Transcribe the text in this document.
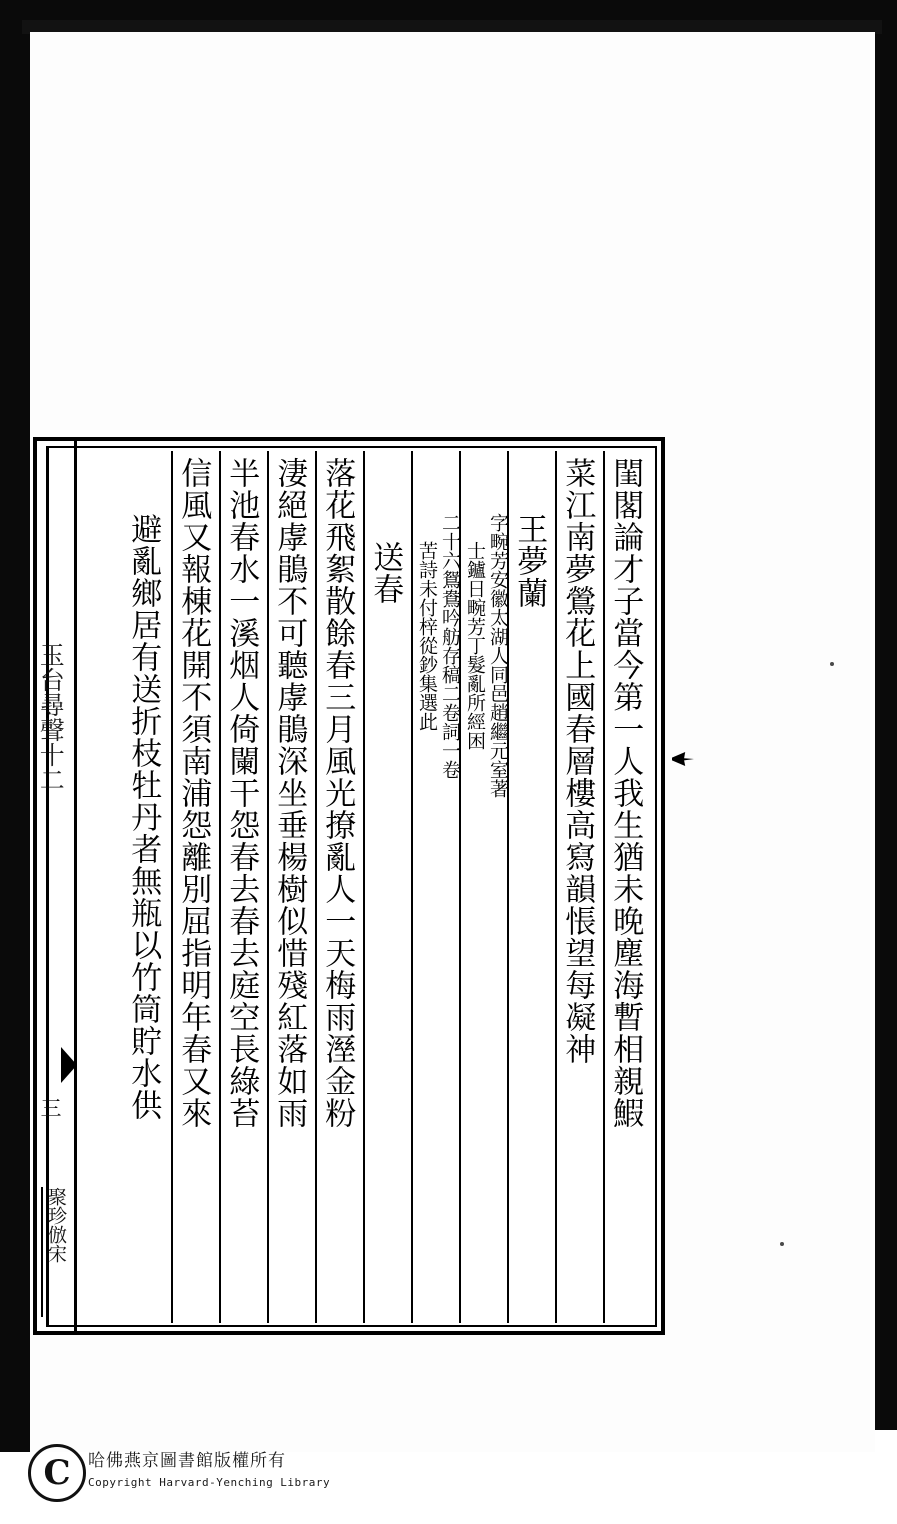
閨閣論才子當今第一人我生猶未晚塵海暫相親鰕
菜江南夢鶯花上國春層樓高寫韻悵望每凝神
王夢蘭
字畹芳安徽太湖人同邑趙繼元室著
士鑪日畹芳丁髮亂所經困
二十六鴛鴦吟舫存稿二卷詞一卷
苦詩未付梓從鈔集選此
送春
落花飛絮散餘春三月風光撩亂人一天梅雨溼金粉
淒絕虖鵑不可聽虖鵑深坐垂楊樹似惜殘紅落如雨
半池春水一溪烟人倚闌干怨春去春去庭空長綠苔
信風又報棟花開不須南浦怨離別屈指明年春又來
避亂鄉居有送折枝牡丹者無瓶以竹筒貯水供
玉台尋聲十二
三
聚珍倣宋
C	哈佛燕京圖書館版權所有
Copyright Harvard-Yenching Library
